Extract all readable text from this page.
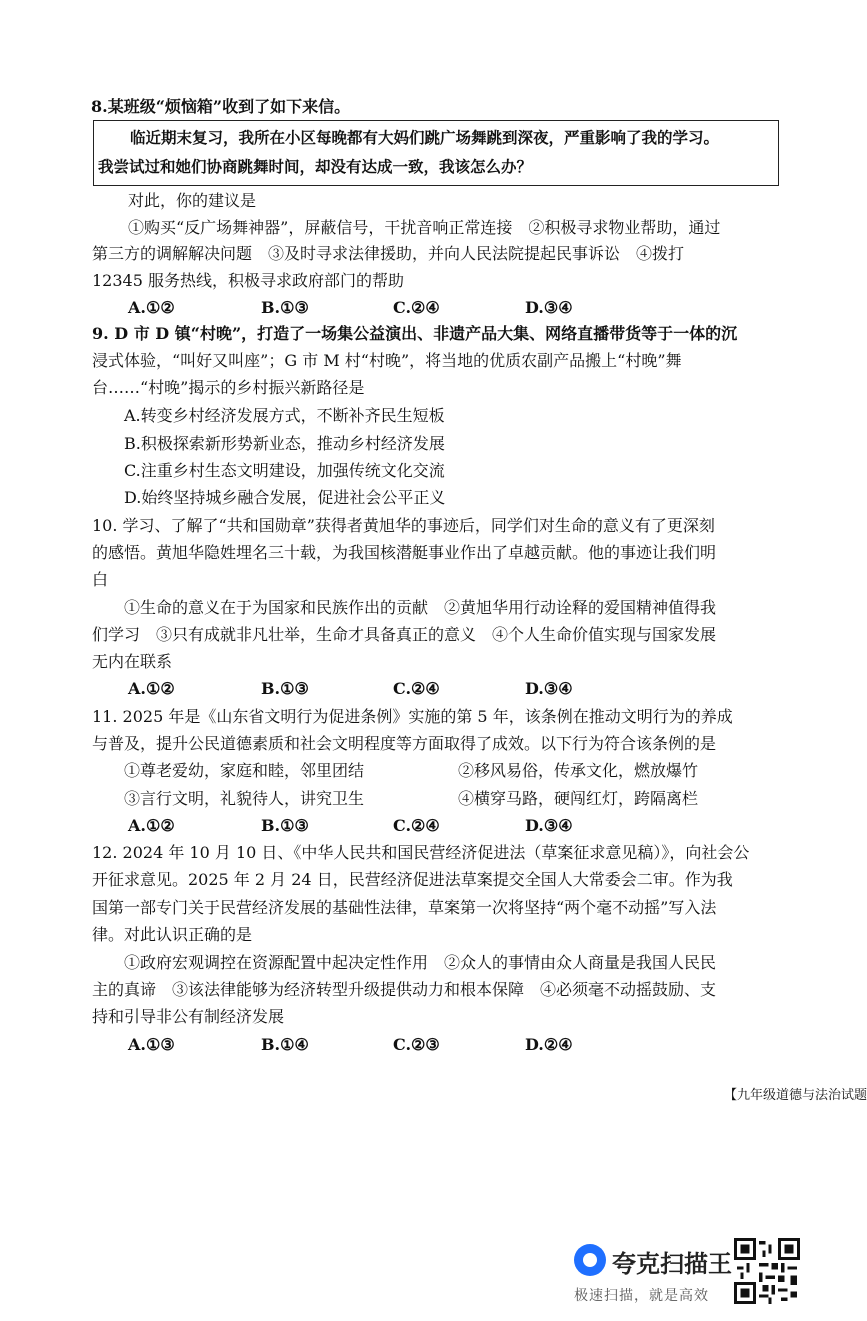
8.某班级“烦恼箱”收到了如下来信。
临近期末复习，我所在小区每晚都有大妈们跳广场舞跳到深夜，严重影响了我的学习。
我尝试过和她们协商跳舞时间，却没有达成一致，我该怎么办？
对此，你的建议是
①购买“反广场舞神器”，屏蔽信号，干扰音响正常连接　②积极寻求物业帮助，通过
第三方的调解解决问题　③及时寻求法律援助，并向人民法院提起民事诉讼　④拨打
12345 服务热线，积极寻求政府部门的帮助
A.①②	B.①③	C.②④	D.③④
9. D 市 D 镇“村晚”，打造了一场集公益演出、非遗产品大集、网络直播带货等于一体的沉
浸式体验，“叫好又叫座”；G 市 M 村“村晚”，将当地的优质农副产品搬上“村晚”舞
台……“村晚”揭示的乡村振兴新路径是
A.转变乡村经济发展方式，不断补齐民生短板
B.积极探索新形势新业态，推动乡村经济发展
C.注重乡村生态文明建设，加强传统文化交流
D.始终坚持城乡融合发展，促进社会公平正义
10. 学习、了解了“共和国勋章”获得者黄旭华的事迹后，同学们对生命的意义有了更深刻
的感悟。黄旭华隐姓埋名三十载，为我国核潜艇事业作出了卓越贡献。他的事迹让我们明
白
①生命的意义在于为国家和民族作出的贡献　②黄旭华用行动诠释的爱国精神值得我
们学习　③只有成就非凡壮举，生命才具备真正的意义　④个人生命价值实现与国家发展
无内在联系
A.①②	B.①③	C.②④	D.③④
11. 2025 年是《山东省文明行为促进条例》实施的第 5 年，该条例在推动文明行为的养成
与普及，提升公民道德素质和社会文明程度等方面取得了成效。以下行为符合该条例的是
①尊老爱幼，家庭和睦，邻里团结	②移风易俗，传承文化，燃放爆竹
③言行文明，礼貌待人，讲究卫生	④横穿马路，硬闯红灯，跨隔离栏
A.①②	B.①③	C.②④	D.③④
12. 2024 年 10 月 10 日、《中华人民共和国民营经济促进法（草案征求意见稿）》，向社会公
开征求意见。2025 年 2 月 24 日，民营经济促进法草案提交全国人大常委会二审。作为我
国第一部专门关于民营经济发展的基础性法律，草案第一次将坚持“两个毫不动摇”写入法
律。对此认识正确的是
①政府宏观调控在资源配置中起决定性作用　②众人的事情由众人商量是我国人民民
主的真谛　③该法律能够为经济转型升级提供动力和根本保障　④必须毫不动摇鼓励、支
持和引导非公有制经济发展
A.①③	B.①④	C.②③	D.②④
【九年级道德与法治试题
夸克扫描王
极速扫描，就是高效
